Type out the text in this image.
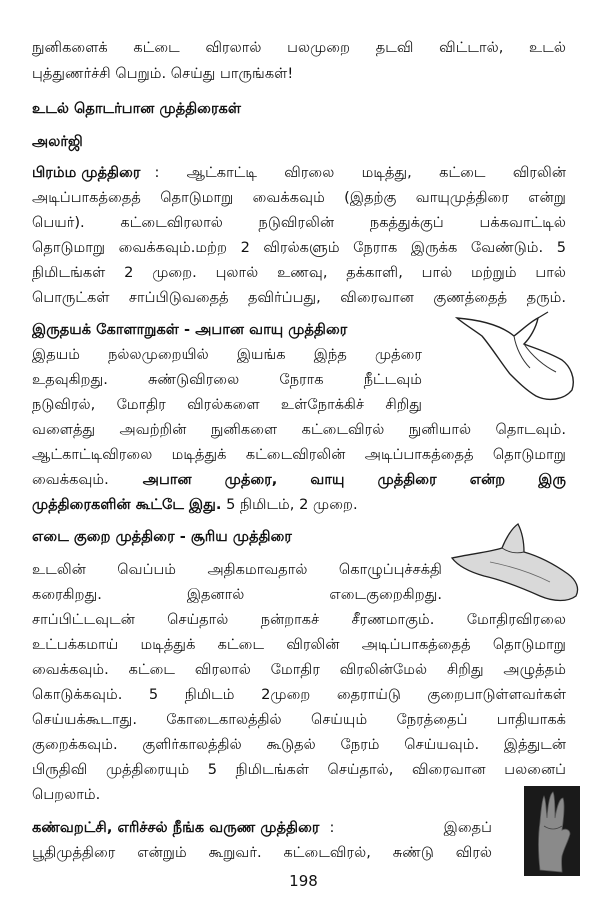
நுனிகளைக் கட்டை விரலால் பலமுறை தடவி விட்டால், உடல்
புத்துணர்ச்சி பெறும். செய்து பாருங்கள்!
உடல் தொடர்பான முத்திரைகள்
அலர்ஜி
பிரம்ம முத்திரை : ஆட்காட்டி விரலை மடித்து, கட்டை விரலின்
அடிப்பாகத்தைத் தொடுமாறு வைக்கவும் (இதற்கு வாயுமுத்திரை என்று
பெயர்). கட்டைவிரலால் நடுவிரலின் நகத்துக்குப் பக்கவாட்டில்
தொடுமாறு வைக்கவும்.மற்ற 2 விரல்களும் நேராக இருக்க வேண்டும். 5
நிமிடங்கள் 2 முறை. புலால் உணவு, தக்காளி, பால் மற்றும் பால்
பொருட்கள் சாப்பிடுவதைத் தவிர்ப்பது, விரைவான குணத்தைத் தரும்.
இருதயக் கோளாறுகள் - அபான வாயு முத்திரை
இதயம் நல்லமுறையில் இயங்க இந்த முத்ரை
உதவுகிறது. சுண்டுவிரலை நேராக நீட்டவும்
நடுவிரல், மோதிர விரல்களை உள்நோக்கிச் சிறிது
வளைத்து அவற்றின் நுனிகளை கட்டைவிரல் நுனியால் தொடவும்.
ஆட்காட்டிவிரலை மடித்துக் கட்டைவிரலின் அடிப்பாகத்தைத் தொடுமாறு
வைக்கவும். அபான முத்ரை, வாயு முத்திரை என்ற இரு
முத்திரைகளின் கூட்டே இது. 5 நிமிடம், 2 முறை.
எடை குறை முத்திரை - சூரிய முத்திரை
உடலின் வெப்பம் அதிகமாவதால் கொழுப்புச்சக்தி
கரைகிறது. இதனால் எடைகுறைகிறது.
சாப்பிட்டவுடன் செய்தால் நன்றாகச் சீரணமாகும். மோதிரவிரலை
உட்பக்கமாய் மடித்துக் கட்டை விரலின் அடிப்பாகத்தைத் தொடுமாறு
வைக்கவும். கட்டை விரலால் மோதிர விரலின்மேல் சிறிது அழுத்தம்
கொடுக்கவும். 5 நிமிடம் 2முறை தைராய்டு குறைபாடுள்ளவர்கள்
செய்யக்கூடாது. கோடைகாலத்தில் செய்யும் நேரத்தைப் பாதியாகக்
குறைக்கவும். குளிர்காலத்தில் கூடுதல் நேரம் செய்யவும். இத்துடன்
பிருதிவி முத்திரையும் 5 நிமிடங்கள் செய்தால், விரைவான பலனைப்
பெறலாம்.
கண்வறட்சி, எரிச்சல் நீங்க வருண முத்திரை : இதைப்
பூதிமுத்திரை என்றும் கூறுவர். கட்டைவிரல், சுண்டு விரல்
198
